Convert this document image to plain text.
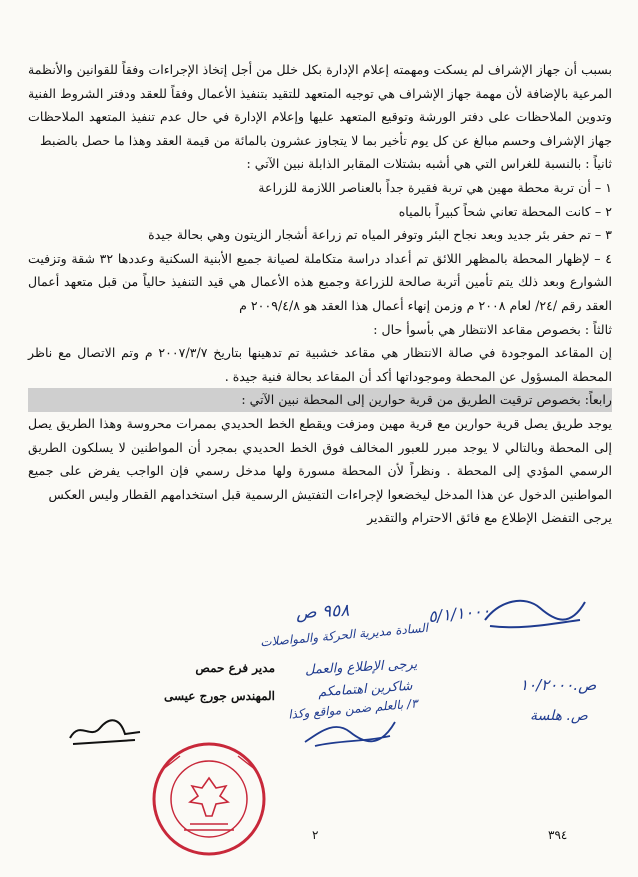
بسبب أن جهاز الإشراف لم يسكت ومهمته إعلام الإدارة بكل خلل من أجل إتخاذ الإجراءات وفقاً للقوانين والأنظمة المرعية بالإضافة لأن مهمة جهاز الإشراف هي توجيه المتعهد للتقيد بتنفيذ الأعمال وفقاً للعقد ودفتر الشروط الفنية وتدوين الملاحظات على دفتر الورشة وتوقيع المتعهد عليها وإعلام الإدارة في حال عدم تنفيذ المتعهد الملاحظات جهاز الإشراف وحسم مبالغ عن كل يوم تأخير بما لا يتجاوز عشرون بالمائة من قيمة العقد وهذا ما حصل بالضبط

ثانياً : بالنسبة للغراس التي هي أشبه بشتلات المقابر الذابلة نبين الآتي :

١ – أن تربة محطة مهين هي تربة فقيرة جداً بالعناصر اللازمة للزراعة

٢ – كانت المحطة تعاني شحاً كبيراً بالمياه

٣ – تم حفر بئر جديد وبعد نجاح البئر وتوفر المياه تم زراعة أشجار الزيتون وهي بحالة جيدة

٤ – لإظهار المحطة بالمظهر اللائق تم أعداد دراسة متكاملة لصيانة جميع الأبنية السكنية وعددها ٣٢ شقة وتزفيت الشوارع وبعد ذلك يتم تأمين أتربة صالحة للزراعة وجميع هذه الأعمال هي قيد التنفيذ حالياً من قبل متعهد أعمال العقد رقم /٢٤/ لعام ٢٠٠٨ م وزمن إنهاء أعمال هذا العقد هو ٢٠٠٩/٤/٨ م

ثالثاً : بخصوص مقاعد الانتظار هي بأسوأ حال :

إن المقاعد الموجودة في صالة الانتظار هي مقاعد خشبية تم تدهينها بتاريخ ٢٠٠٧/٣/٧ م وتم الاتصال مع ناظر المحطة المسؤول عن المحطة وموجوداتها أكد أن المقاعد بحالة فنية جيدة .

رابعاً: بخصوص ترقيت الطريق من قرية حوارين إلى المحطة نبين الآتي :

يوجد طريق يصل قرية حوارين مع قرية مهين ومزفت ويقطع الخط الحديدي بممرات محروسة وهذا الطريق يصل إلى المحطة وبالتالي لا يوجد مبرر للعبور المخالف فوق الخط الحديدي بمجرد أن المواطنين لا يسلكون الطريق الرسمي المؤدي إلى المحطة . ونظراً لأن المحطة مسورة ولها مدخل رسمي فإن الواجب يفرض على جميع المواطنين الدخول عن هذا المدخل ليخضعوا لإجراءات التفتيش الرسمية قبل استخدامهم القطار وليس العكس

يرجى التفضل الإطلاع مع فائق الاحترام والتقدير

٥/١/١٠٠٠
٩٥٨ ص
السادة مديرية الحركة والمواصلات
يرجى الإطلاع والعمل
شاكرين اهتمامكم
٣/ بالعلم ضمن مواقع وكذا
ص.١٠/٢٠٠٠
ص. هلسة
مدير فرع حمص
المهندس جورج عيسى
٢	٣٩٤
